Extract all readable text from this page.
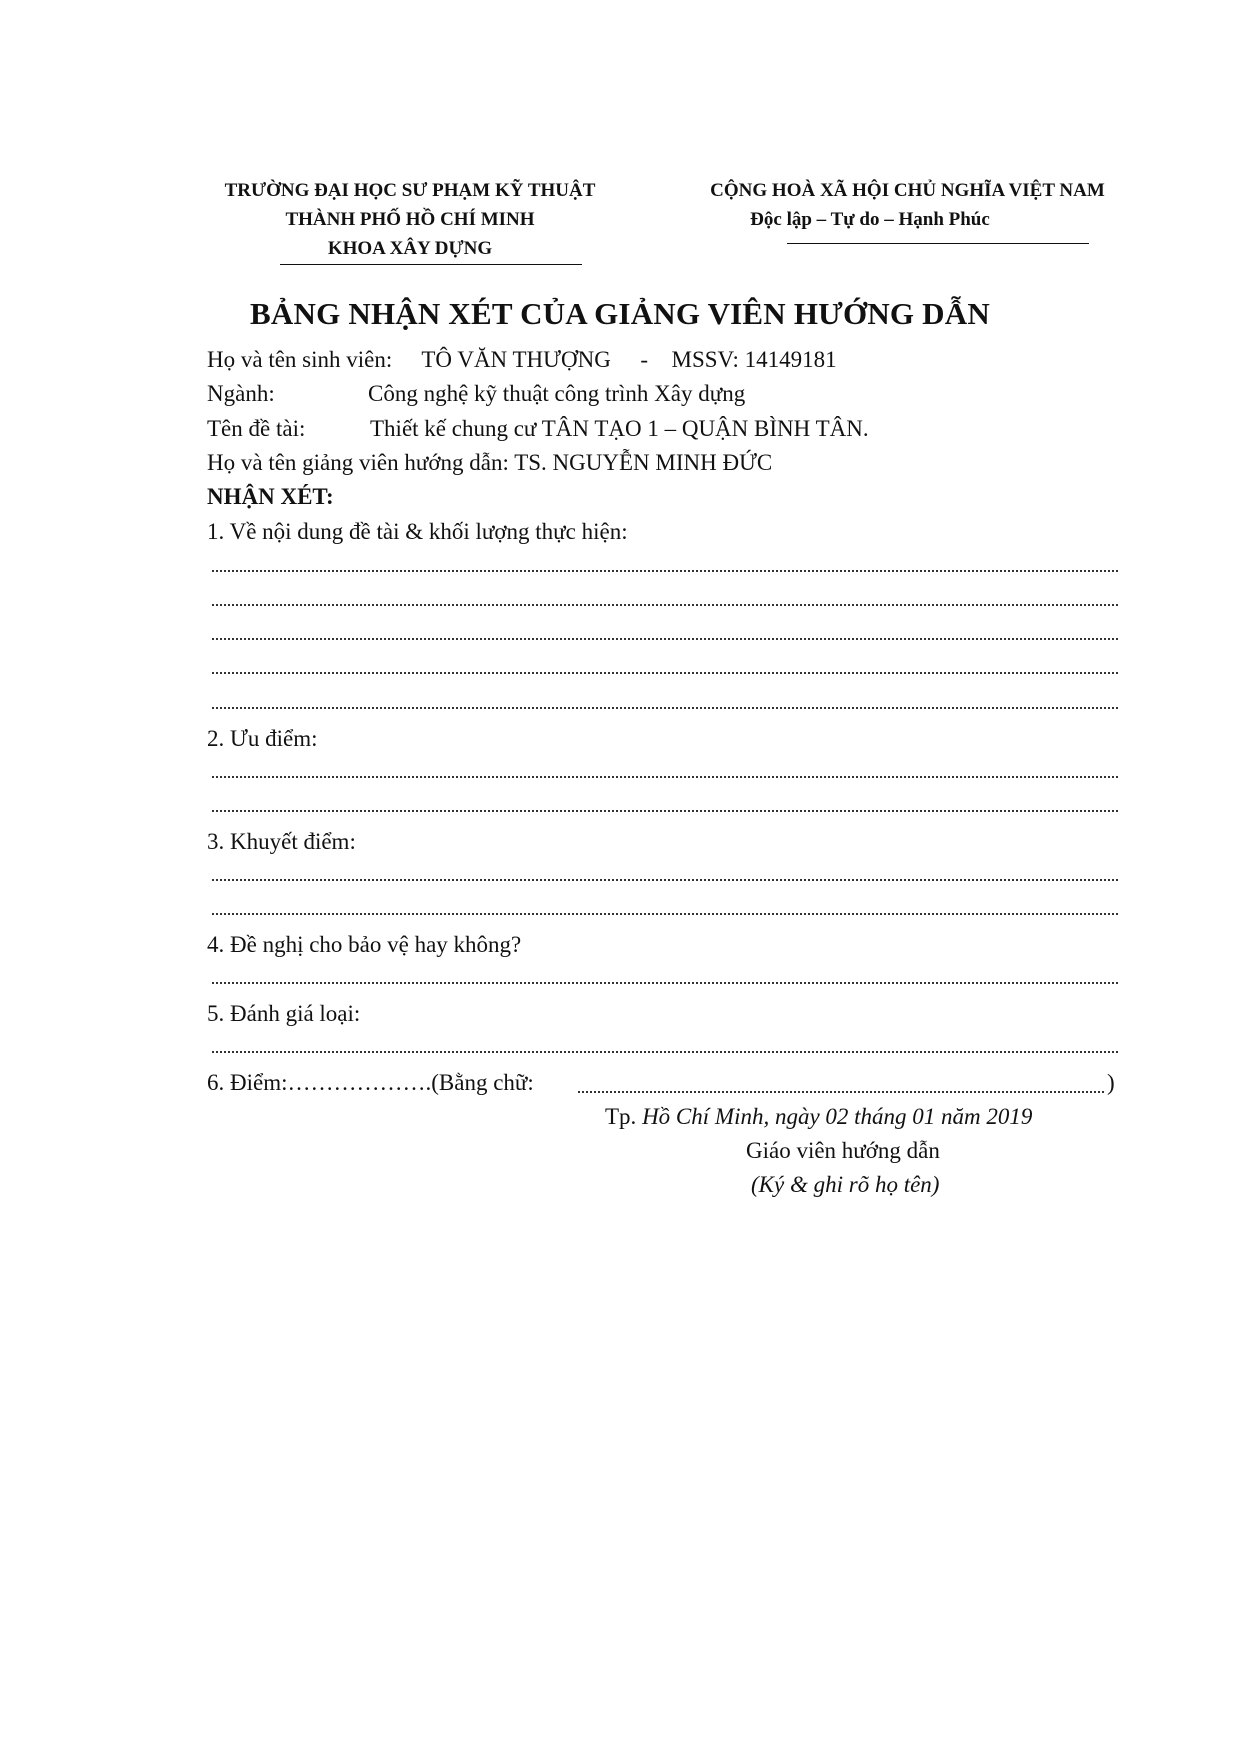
TRƯỜNG ĐẠI HỌC SƯ PHẠM KỸ THUẬT
THÀNH PHỐ HỒ CHÍ MINH
KHOA XÂY DỰNG
CỘNG HOÀ XÃ HỘI CHỦ NGHĨA VIỆT NAM
Độc lập – Tự do – Hạnh Phúc
BẢNG NHẬN XÉT CỦA GIẢNG VIÊN HƯỚNG DẪN
Họ và tên sinh viên: TÔ VĂN THƯỢNG - MSSV: 14149181
Ngành:	Công nghệ kỹ thuật công trình Xây dựng
Tên đề tài:	Thiết kế chung cư TÂN TẠO 1 – QUẬN BÌNH TÂN.
Họ và tên giảng viên hướng dẫn: TS. NGUYỄN MINH ĐỨC
NHẬN XÉT:
1. Về nội dung đề tài & khối lượng thực hiện:
2. Ưu điểm:
3. Khuyết điểm:
4. Đề nghị cho bảo vệ hay không?
5. Đánh giá loại:
6. Điểm:……………….(Bằng chữ:	)
Tp. Hồ Chí Minh, ngày 02 tháng 01 năm 2019
Giáo viên hướng dẫn
(Ký & ghi rõ họ tên)
